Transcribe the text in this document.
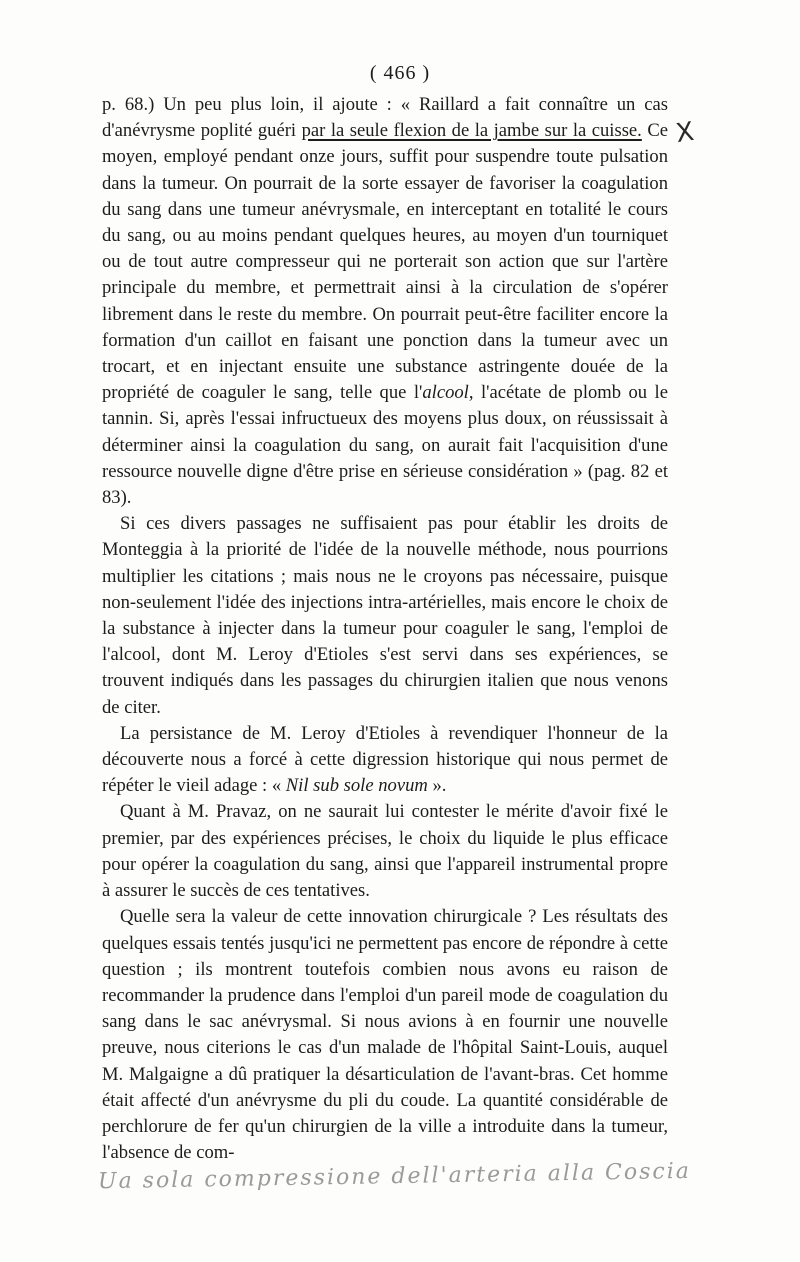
( 466 )
X

p. 68.) Un peu plus loin, il ajoute : « Raillard a fait connaître un cas d'anévrysme poplité guéri par la seule flexion de la jambe sur la cuisse. Ce moyen, employé pendant onze jours, suffit pour suspendre toute pulsation dans la tumeur. On pourrait de la sorte essayer de favoriser la coagulation du sang dans une tumeur anévrysmale, en interceptant en totalité le cours du sang, ou au moins pendant quelques heures, au moyen d'un tourniquet ou de tout autre compresseur qui ne porterait son action que sur l'artère principale du membre, et permettrait ainsi à la circulation de s'opérer librement dans le reste du membre. On pourrait peut-être faciliter encore la formation d'un caillot en faisant une ponction dans la tumeur avec un trocart, et en injectant ensuite une substance astringente douée de la propriété de coaguler le sang, telle que l'alcool, l'acétate de plomb ou le tannin. Si, après l'essai infructueux des moyens plus doux, on réussissait à déterminer ainsi la coagulation du sang, on aurait fait l'acquisition d'une ressource nouvelle digne d'être prise en sérieuse considération » (pag. 82 et 83).

Si ces divers passages ne suffisaient pas pour établir les droits de Monteggia à la priorité de l'idée de la nouvelle méthode, nous pourrions multiplier les citations ; mais nous ne le croyons pas nécessaire, puisque non-seulement l'idée des injections intra-artérielles, mais encore le choix de la substance à injecter dans la tumeur pour coaguler le sang, l'emploi de l'alcool, dont M. Leroy d'Etioles s'est servi dans ses expériences, se trouvent indiqués dans les passages du chirurgien italien que nous venons de citer.

La persistance de M. Leroy d'Etioles à revendiquer l'honneur de la découverte nous a forcé à cette digression historique qui nous permet de répéter le vieil adage : « Nil sub sole novum ».

Quant à M. Pravaz, on ne saurait lui contester le mérite d'avoir fixé le premier, par des expériences précises, le choix du liquide le plus efficace pour opérer la coagulation du sang, ainsi que l'appareil instrumental propre à assurer le succès de ces tentatives.

Quelle sera la valeur de cette innovation chirurgicale ? Les résultats des quelques essais tentés jusqu'ici ne permettent pas encore de répondre à cette question ; ils montrent toutefois combien nous avons eu raison de recommander la prudence dans l'emploi d'un pareil mode de coagulation du sang dans le sac anévrysmal. Si nous avions à en fournir une nouvelle preuve, nous citerions le cas d'un malade de l'hôpital Saint-Louis, auquel M. Malgaigne a dû pratiquer la désarticulation de l'avant-bras. Cet homme était affecté d'un anévrysme du pli du coude. La quantité considérable de perchlorure de fer qu'un chirurgien de la ville a introduite dans la tumeur, l'absence de com-

Ua sola compressione dell'arteria alla Coscia
